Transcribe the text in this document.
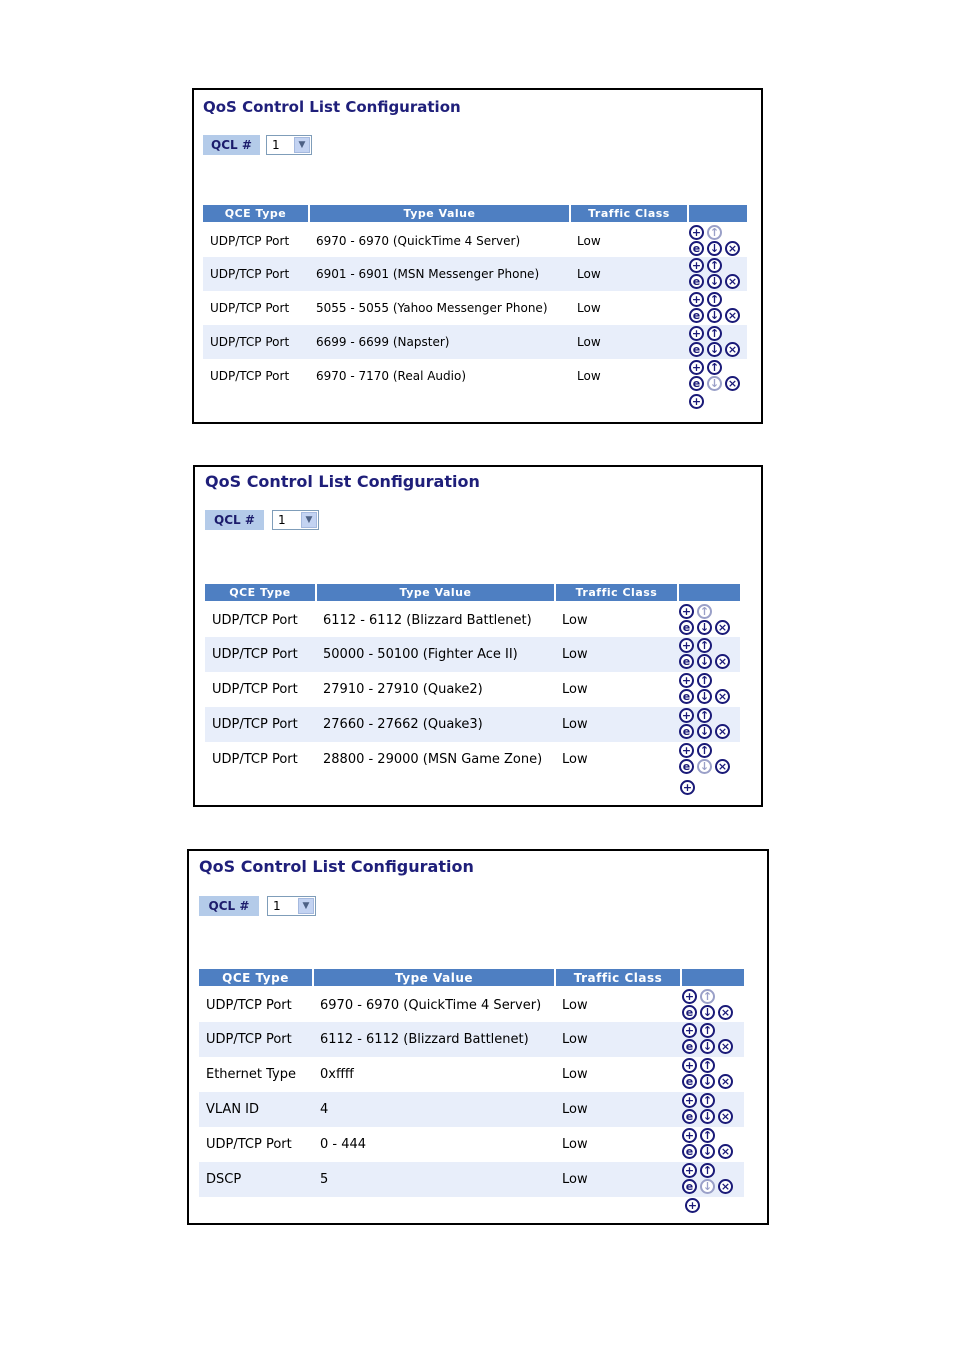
QoS Control List Configuration
QCL #	1	▼
QCE Type	Type Value	Traffic Class	
UDP/TCP Port	6970 - 6970 (QuickTime 4 Server)	Low	+ ↑
e ↓ ×

UDP/TCP Port	6901 - 6901 (MSN Messenger Phone)	Low	+ ↑
e ↓ ×

UDP/TCP Port	5055 - 5055 (Yahoo Messenger Phone)	Low	+ ↑
e ↓ ×

UDP/TCP Port	6699 - 6699 (Napster)	Low	+ ↑
e ↓ ×

UDP/TCP Port	6970 - 7170 (Real Audio)	Low	+ ↑
e ↓ ×
+
QoS Control List Configuration
QCL #	1	▼
QCE Type	Type Value	Traffic Class	
UDP/TCP Port	6112 - 6112 (Blizzard Battlenet)	Low	+ ↑
e ↓ ×

UDP/TCP Port	50000 - 50100 (Fighter Ace II)	Low	+ ↑
e ↓ ×

UDP/TCP Port	27910 - 27910 (Quake2)	Low	+ ↑
e ↓ ×

UDP/TCP Port	27660 - 27662 (Quake3)	Low	+ ↑
e ↓ ×

UDP/TCP Port	28800 - 29000 (MSN Game Zone)	Low	+ ↑
e ↓ ×
+
QoS Control List Configuration
QCL #	1	▼
QCE Type	Type Value	Traffic Class	
UDP/TCP Port	6970 - 6970 (QuickTime 4 Server)	Low	+ ↑
e ↓ ×

UDP/TCP Port	6112 - 6112 (Blizzard Battlenet)	Low	+ ↑
e ↓ ×

Ethernet Type	0xffff	Low	+ ↑
e ↓ ×

VLAN ID	4	Low	+ ↑
e ↓ ×

UDP/TCP Port	0 - 444	Low	+ ↑
e ↓ ×

DSCP	5	Low	+ ↑
e ↓ ×
+
